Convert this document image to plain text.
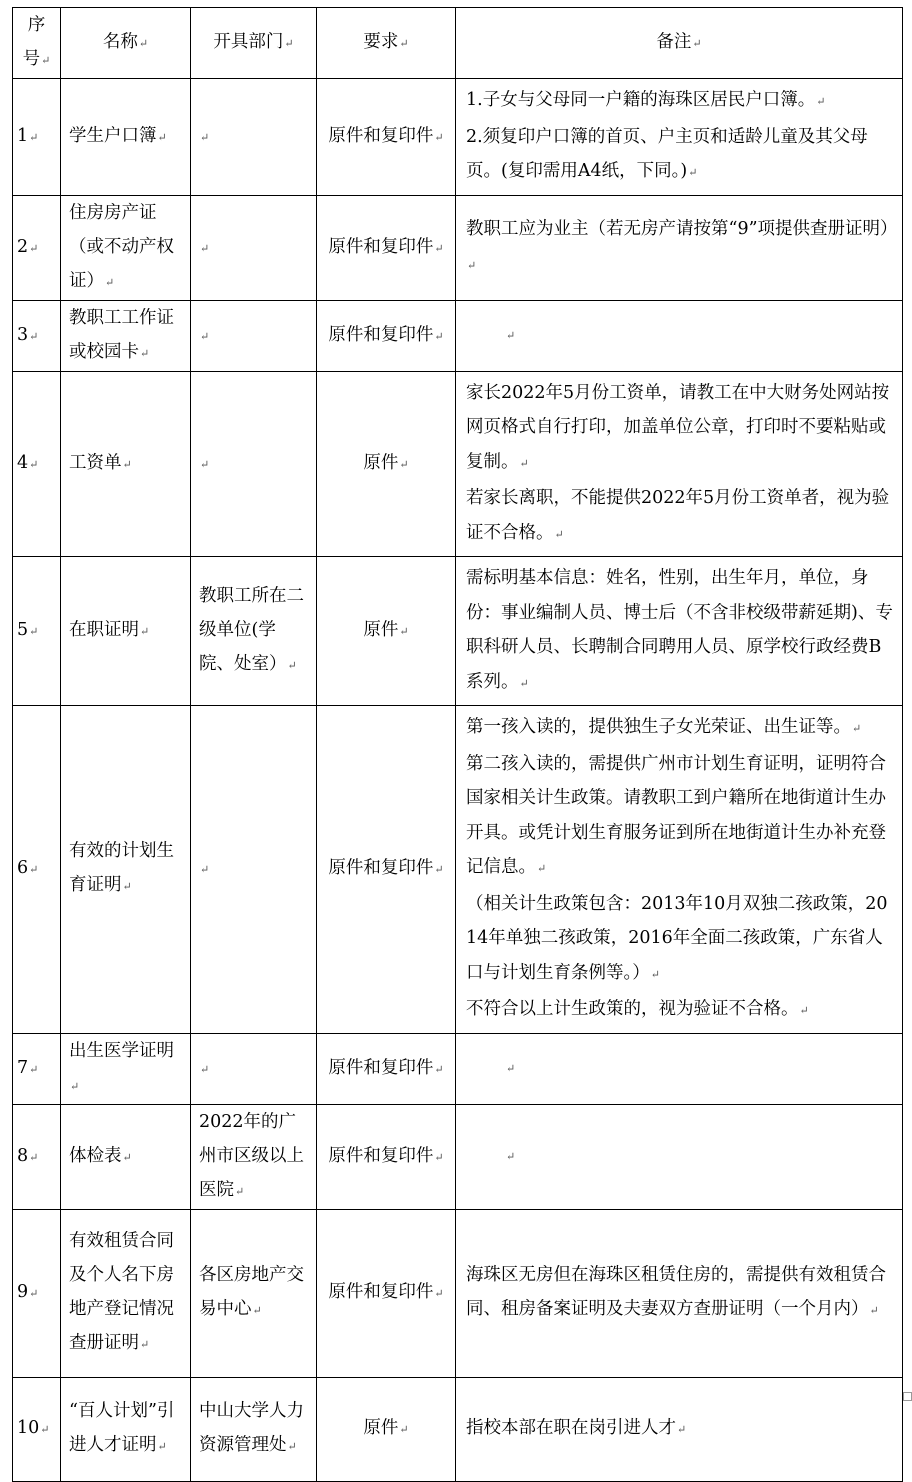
序号↵	名称↵	开具部门↵	要求↵	备注↵
1↵	学生户口簿↵	↵	原件和复印件↵	1.子女与父母同一户籍的海珠区居民户口簿。↵
2.须复印户口簿的首页、户主页和适龄儿童及其父母页。(复印需用A4纸，下同。)↵

2↵	住房房产证（或不动产权证）↵	↵	原件和复印件↵	教职工应为业主（若无房产请按第“9”项提供查册证明）↵

3↵	教职工工作证或校园卡↵	↵	原件和复印件↵	↵
4↵	工资单↵	↵	原件↵	家长2022年5月份工资单，请教工在中大财务处网站按网页格式自行打印，加盖单位公章，打印时不要粘贴或复制。↵
若家长离职，不能提供2022年5月份工资单者，视为验证不合格。↵

5↵	在职证明↵	教职工所在二级单位(学院、处室）↵	原件↵	需标明基本信息：姓名，性别，出生年月，单位，身份：事业编制人员、博士后（不含非校级带薪延期)、专职科研人员、长聘制合同聘用人员、原学校行政经费B系列。↵

6↵	有效的计划生育证明↵	↵	原件和复印件↵	第一孩入读的，提供独生子女光荣证、出生证等。↵
第二孩入读的，需提供广州市计划生育证明，证明符合国家相关计生政策。请教职工到户籍所在地街道计生办开具。或凭计划生育服务证到所在地街道计生办补充登记信息。↵
（相关计生政策包含：2013年10月双独二孩政策，2014年单独二孩政策，2016年全面二孩政策，广东省人口与计划生育条例等。）↵
不符合以上计生政策的，视为验证不合格。↵

7↵	出生医学证明↵	↵	原件和复印件↵	↵
8↵	体检表↵	2022年的广州市区级以上医院↵	原件和复印件↵	↵
9↵	有效租赁合同及个人名下房地产登记情况查册证明↵	各区房地产交易中心↵	原件和复印件↵	海珠区无房但在海珠区租赁住房的，需提供有效租赁合同、租房备案证明及夫妻双方查册证明（一个月内）↵

10↵	“百人计划”引进人才证明↵	中山大学人力资源管理处↵	原件↵	指校本部在职在岗引进人才↵
